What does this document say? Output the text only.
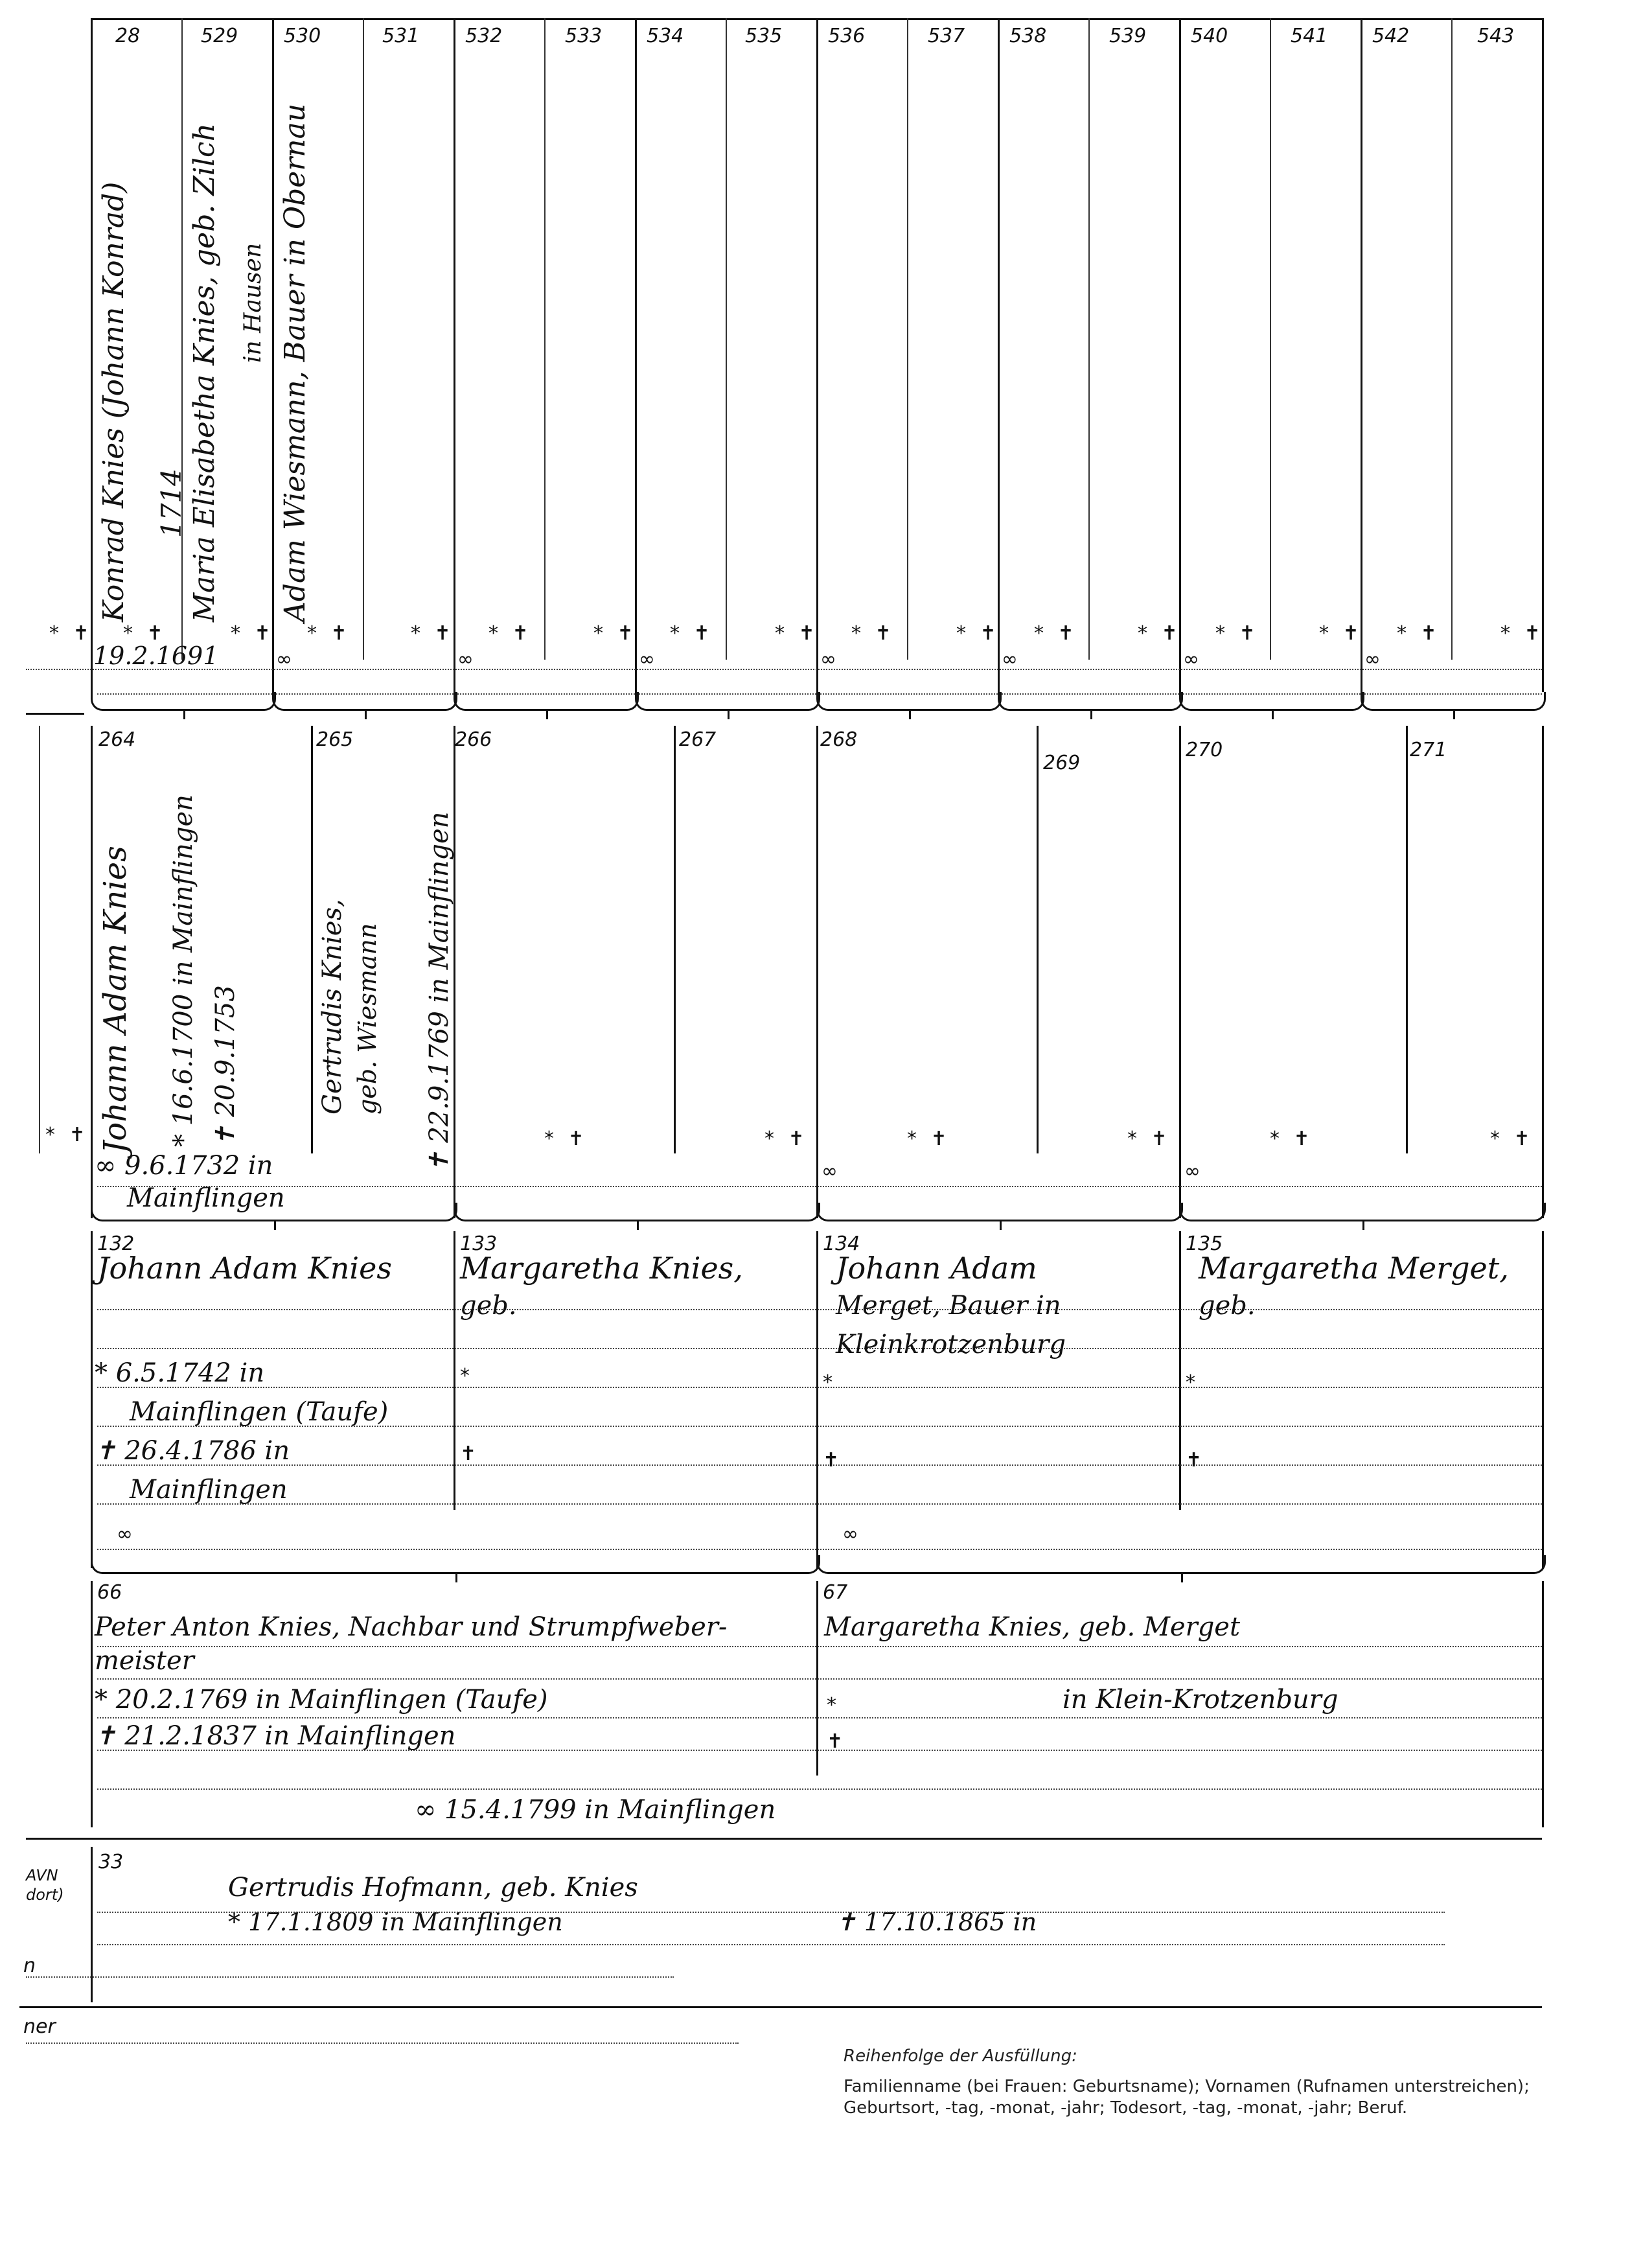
28	529 530	531 532	533 534	535 536	537 538	539 540	541 542	543
Konrad Knies (Johann Konrad) 1714 Maria Elisabetha Knies, geb. Zilch in Hausen Adam Wiesmann, Bauer in Obernau
* ✝ * ✝	* ✝ * ✝	* ✝ * ✝	* ✝ * ✝	* ✝ * ✝	* ✝ * ✝	* ✝ * ✝	* ✝ * ✝	* ✝
19.2.1691	∞	∞	∞	∞	∞	∞	∞
264	265	266	267	268
269
270	271
Johann Adam Knies * 16.6.1700 in Mainflingen ✝ 20.9.1753	Gertrudis Knies, geb. Wiesmann ✝ 22.9.1769 in Mainflingen
* ✝	* ✝	* ✝	* ✝	* ✝	* ✝	* ✝
∞ 9.6.1732 in
Mainflingen
∞	∞
132
Johann Adam Knies
* 6.5.1742 in
Mainflingen (Taufe)
✝ 26.4.1786 in
Mainflingen
∞
133
Margaretha Knies,
geb.
*
✝
134
Johann Adam
Merget, Bauer in
Kleinkrotzenburg
*
✝
∞
135
Margaretha Merget,
geb.
*
✝
66
Peter Anton Knies, Nachbar und Strumpfweber-
meister
* 20.2.1769 in Mainflingen (Taufe)
✝ 21.2.1837 in Mainflingen
67
Margaretha Knies, geb. Merget
*	in Klein-Krotzenburg
✝
∞ 15.4.1799 in Mainflingen
33
Gertrudis Hofmann, geb. Knies
* 17.1.1809 in Mainflingen	✝ 17.10.1865 in
AVN
dort)
n
ner
Reihenfolge der Ausfüllung:
Familienname (bei Frauen: Geburtsname); Vornamen (Rufnamen unterstreichen); Geburtsort, -tag, -monat, -jahr; Todesort, -tag, -monat, -jahr; Beruf.
